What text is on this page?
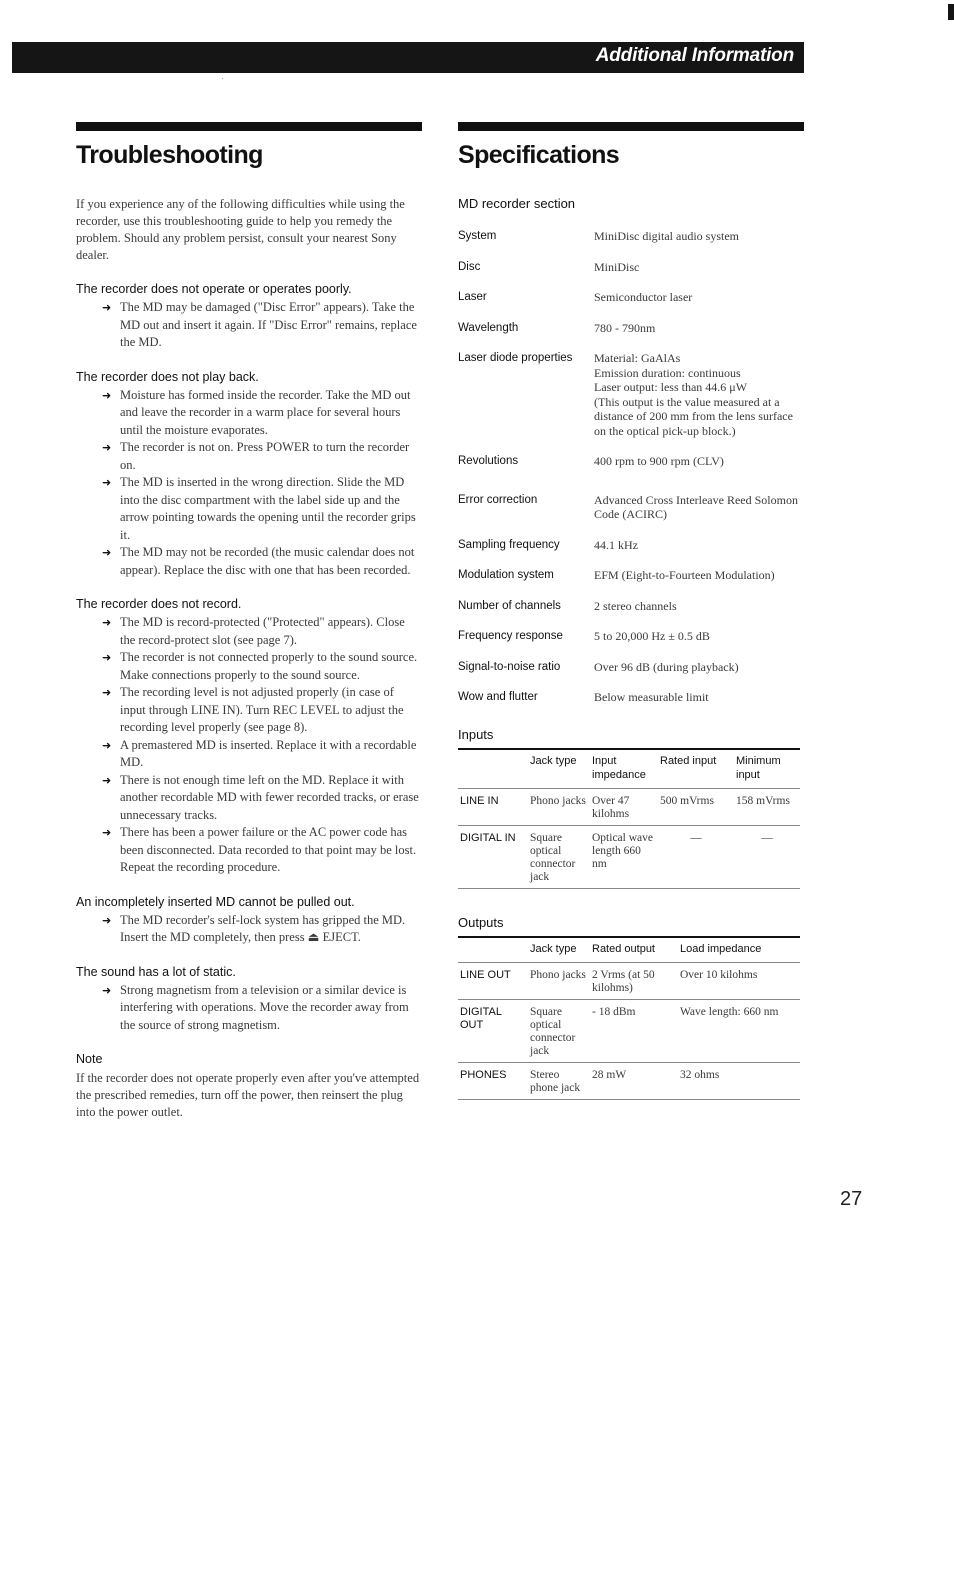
Additional Information
Troubleshooting

If you experience any of the following difficulties while using the recorder, use this troubleshooting guide to help you remedy the problem. Should any problem persist, consult your nearest Sony dealer.

The recorder does not operate or operates poorly.

➜ The MD may be damaged ("Disc Error" appears). Take the MD out and insert it again. If "Disc Error" remains, replace the MD.

The recorder does not play back.

➜ Moisture has formed inside the recorder. Take the MD out and leave the recorder in a warm place for several hours until the moisture evaporates.

➜ The recorder is not on. Press POWER to turn the recorder on.

➜ The MD is inserted in the wrong direction. Slide the MD into the disc compartment with the label side up and the arrow pointing towards the opening until the recorder grips it.

➜ The MD may not be recorded (the music calendar does not appear). Replace the disc with one that has been recorded.

The recorder does not record.

➜ The MD is record-protected ("Protected" appears). Close the record-protect slot (see page 7).

➜ The recorder is not connected properly to the sound source. Make connections properly to the sound source.

➜ The recording level is not adjusted properly (in case of input through LINE IN). Turn REC LEVEL to adjust the recording level properly (see page 8).

➜ A premastered MD is inserted. Replace it with a recordable MD.

➜ There is not enough time left on the MD. Replace it with another recordable MD with fewer recorded tracks, or erase unnecessary tracks.

➜ There has been a power failure or the AC power code has been disconnected. Data recorded to that point may be lost. Repeat the recording procedure.

An incompletely inserted MD cannot be pulled out.

➜ The MD recorder's self-lock system has gripped the MD. Insert the MD completely, then press ⏏ EJECT.

The sound has a lot of static.

➜ Strong magnetism from a television or a similar device is interfering with operations. Move the recorder away from the source of strong magnetism.

Note

If the recorder does not operate properly even after you've attempted the prescribed remedies, turn off the power, then reinsert the plug into the power outlet.

Specifications
MD recorder section
System	MiniDisc digital audio system
Disc	MiniDisc
Laser	Semiconductor laser
Wavelength	780 - 790nm
Laser diode properties	Material: GaAlAs
Emission duration: continuous
Laser output: less than 44.6 μW
(This output is the value measured at a distance of 200 mm from the lens surface on the optical pick-up block.)
Revolutions	400 rpm to 900 rpm (CLV)
Error correction	Advanced Cross Interleave Reed Solomon Code (ACIRC)
Sampling frequency	44.1 kHz
Modulation system	EFM (Eight-to-Fourteen Modulation)
Number of channels	2 stereo channels
Frequency response	5 to 20,000 Hz ± 0.5 dB
Signal-to-noise ratio	Over 96 dB (during playback)
Wow and flutter	Below measurable limit
Inputs
	Jack type	Input impedance	Rated input	Minimum input
LINE IN	Phono jacks	Over 47 kilohms	500 mVrms	158 mVrms
DIGITAL IN	Square optical connector jack	Optical wave length 660 nm	—	—
Outputs
	Jack type	Rated output	Load impedance
LINE OUT	Phono jacks	2 Vrms (at 50 kilohms)	Over 10 kilohms
DIGITAL OUT	Square optical connector jack	- 18 dBm	Wave length: 660 nm
PHONES	Stereo phone jack	28 mW	32 ohms
27
